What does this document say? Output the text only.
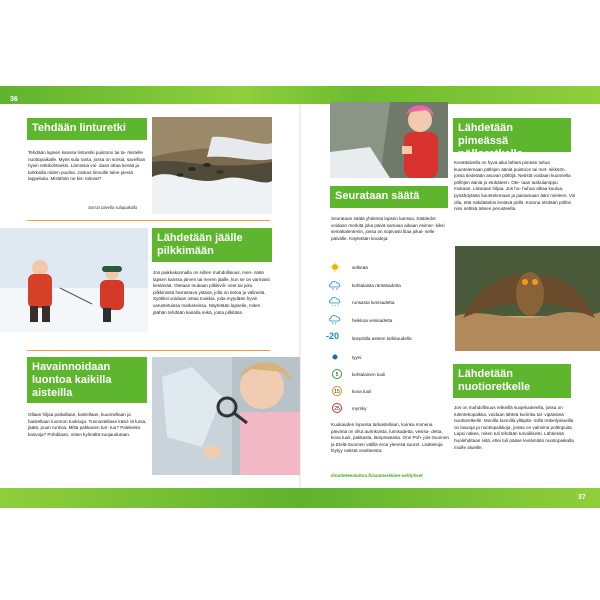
36
37
Tehdään linturetki
Tehdään lapsen kanssa linturetki puistoon tai ta- rkistelle nuotiopaikalle. Myös sula ranta, jossa on sorsia, savelhan hyvin retkikohteeksi. Lämnisia voi- daan ottaa kevää ja tarkkailla niiden puuhia. Joskus linnuille tulee pieniä tappeluita. Mistähän ne kis- tolevat?
Sorsia talvella sulapaikalla
Lähdetään jäälle pilkkimään
Jos paikkakunnalla on siihen mahdollisuus, men- nään lapsen kanssa järven tai meren jäälle, kun se on varmasti kestävää. Otetaan mukaan pilkkivili- neet tai juku pilkkimistä harrastava ystävä, jolla on tietoa ja välineitä. Syötiksi voidaan ostaa toukkia, joita myydään hyvin varustetuissa marketeissa. Näytetään lapselle, miten jäähän tehdään kairalla reikä, josta pilkitään.
Havainnoidaan luontoa kaikilla aisteilla
Ollaan hiljaa paikallaan, katsellaan, kuunnellaan ja haistellaan luonnon tuoksuja. Tunnustellaan käsil- lä lunta, jäätä, puun runkoa. Miltä pakkanen tun- tuu? Paleleeko kasvoja? Pohditaan, miten kylmältä suojaudutaan.
Lähdetään pimeässä pölloretkelle
Kevättalvella on hyvä aika lähteä pimeän tultua kuuntelemaan pöllöjen ääniä puistoon tai met- sikköön, jossa tiedetään asuvan pöllöjä. Netistä voidaan kuunnella pöllöjen ääniä jo etukäteen. Ote- taan taskulamppu mukaan. Liikutaan hiljaa. Jos hu- huhua alkaa kuulua, pysähdytään kuuntelemaan ja painamaan ääni mieleen. Voi olla, että näkdäänkin lentävä pöllö. Kotona etsitään pöllön nimi nettisä äänen perusteella.
Seurataan säätä
Seurataan säätä yhdessä lapsen kanssa. Säätiedot voidaan merkitä joka päivä samaan aikaan esimer- kiksi seinäkalenteriin, jossa on sopivasti tilaa jokai- selle päivälle. Käytetään koodeja:
selkeää
kohtalaista räntäsadetta
* * *
runsasta lumisadetta
heikkoa vesisadetta
-20	lämpötila asteen tarkkuudella
tyyni
5	kohtalainen tuuli
15	kova tuuli
25	myrsky
Kuukauden lopussa tarkastellaan, kuinka monena päivänä on ollut aurinkoista, lumisadetta, vesisa- detta, kova tuuli, pakkasta, lämpöasteita. Onri Poh- jois-Suomen ja Etelä-Suomen välillä eroa yleensä suuret. Lisätietoja löytyy netistä osoitteesta:
ilmatieteenlaitos.fi/saamerkkien-selitykset
Lähdetään nuotioretkelle
Jos on mahdollisuus retkeillä suojeluukeella, jossa on tulentekopaikka, voidaan lähteä kuninka tal- vipäivänä nuotioretkelle. Monilla kunnilla ylläpitä- millä retkeilyalueilla on laavuja ja nuotiopaikkoja, joissa on valmiina polttopuita. Lapsi näkee, miten tuli tehdään turvallisesti. Lähtiessä huolehditaan siitä, ettei tuli pääse leviämään nuotiopaikalta muille alueille.
